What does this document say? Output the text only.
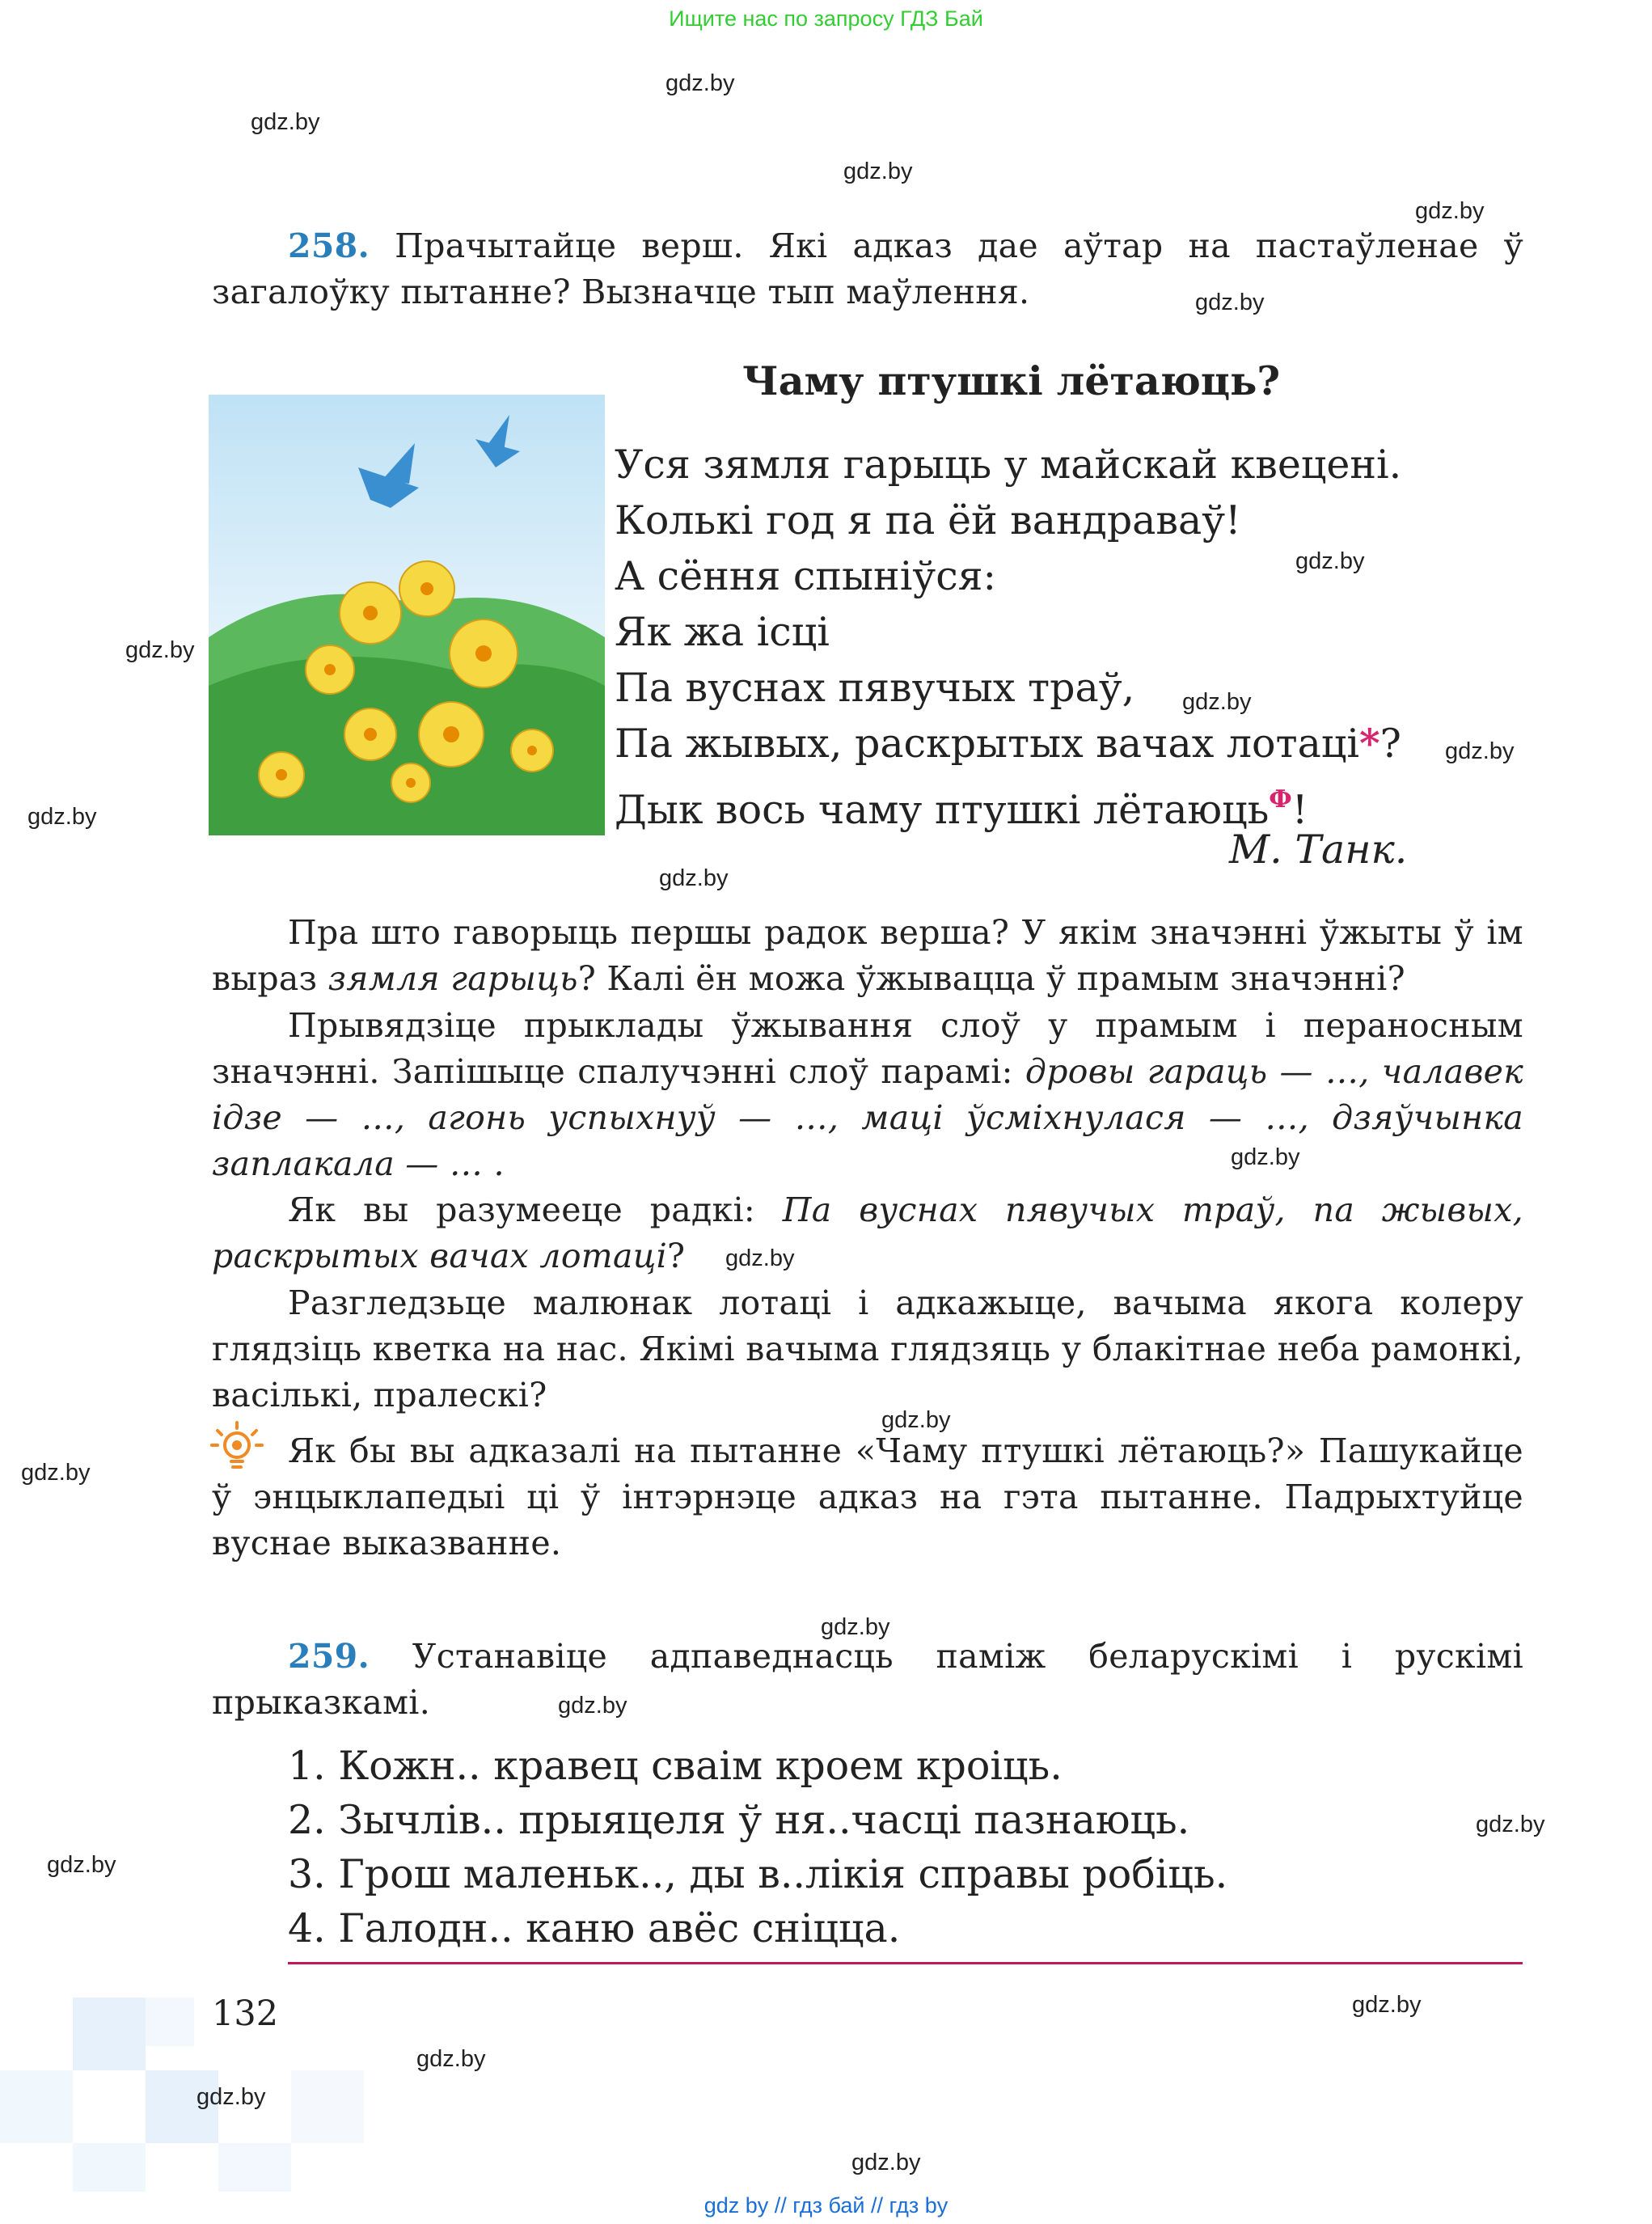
Ищите нас по запросу ГДЗ Бай
gdz.by
gdz.by
gdz.by
gdz.by
gdz.by
gdz.by
gdz.by
gdz.by
gdz.by
gdz.by
gdz.by
gdz.by
gdz.by
gdz.by
gdz.by
gdz.by
gdz.by
gdz.by
gdz.by
gdz.by
gdz.by
gdz.by
gdz.by
258. Прачытайце верш. Які адказ дае аўтар на пастаўленае ў загалоўку пытанне? Вызначце тып маўлення.
Чаму птушкі лётаюць?
Уся зямля гарыць у майскай квецені.
Колькі год я па ёй вандраваў!
А сёння спыніўся:
Як жа ісці
Па вуснах пявучых траў,
Па жывых, раскрытых вачах лотаці*?
Дык вось чаму птушкі лётаюць$^Ф$!
М. Танк.
Пра што гаворыць першы радок верша? У якім значэнні ўжыты ў ім выраз зямля гарыць? Калі ён можа ўжывацца ў прамым значэнні?
Прывядзіце прыклады ўжывання слоў у прамым і пераносным значэнні. Запішыце спалучэнні слоў парамі: дровы гараць — …, чалавек ідзе — …, агонь успыхнуў — …, маці ўсміхнулася — …, дзяўчынка заплакала — … .
Як вы разумееце радкі: Па вуснах пявучых траў, па жывых, раскрытых вачах лотаці?
Разгледзьце малюнак лотаці і адкажыце, вачыма якога колеру глядзіць кветка на нас. Якімі вачыма глядзяць у блакітнае неба рамонкі, васількі, пралескі?
Як бы вы адказалі на пытанне «Чаму птушкі лётаюць?» Пашукайце ў энцыклапедыі ці ў інтэрнэце адказ на гэта пытанне. Падрыхтуйце вуснае выказванне.
259. Устанавіце адпаведнасць паміж беларускімі і рускімі прыказкамі.
1. Кожн.. кравец сваім кроем кроіць.
2. Зычлів.. прыяцеля ў ня..часці пазнаюць.
3. Грош маленьк.., ды в..лікія справы робіць.
4. Галодн.. каню авёс сніцца.
132
gdz by // гдз бай // гдз by
